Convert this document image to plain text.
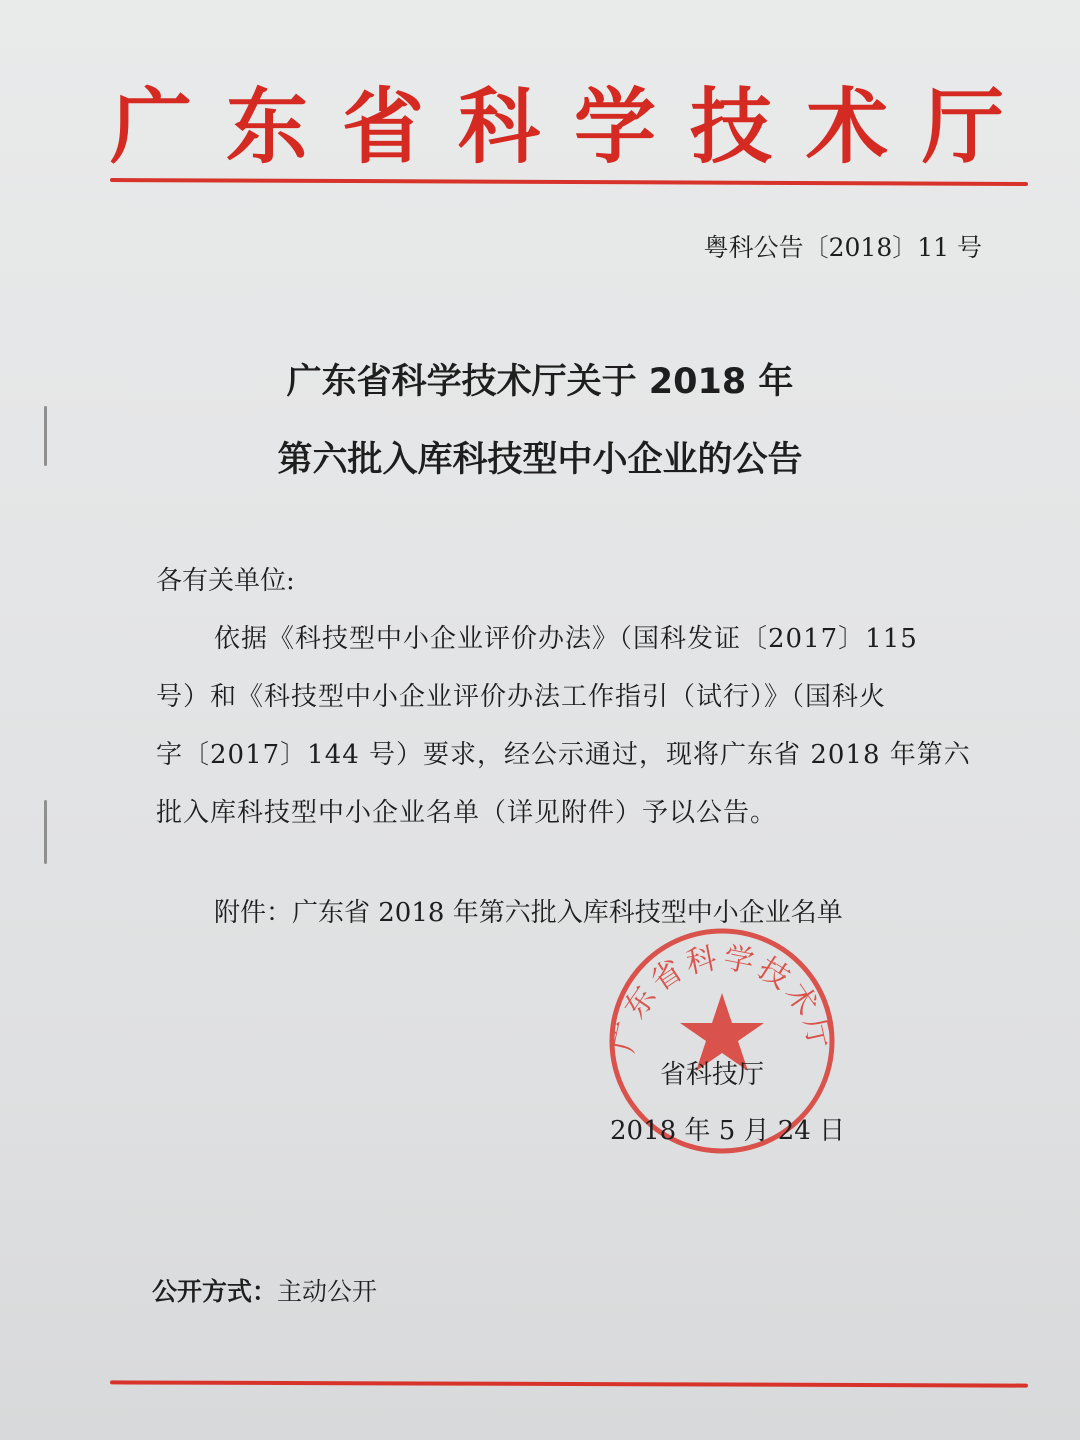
广东省科学技术厅
粤科公告〔2018〕11 号
广东省科学技术厅关于 2018 年
第六批入库科技型中小企业的公告
各有关单位:
依据《科技型中小企业评价办法》（国科发证〔2017〕115
号）和《科技型中小企业评价办法工作指引（试行）》（国科火
字〔2017〕144 号）要求，经公示通过，现将广东省 2018 年第六
批入库科技型中小企业名单（详见附件）予以公告。
附件：广东省 2018 年第六批入库科技型中小企业名单
广东省科学技术厅
省科技厅
2018 年 5 月 24 日
公开方式：主动公开
